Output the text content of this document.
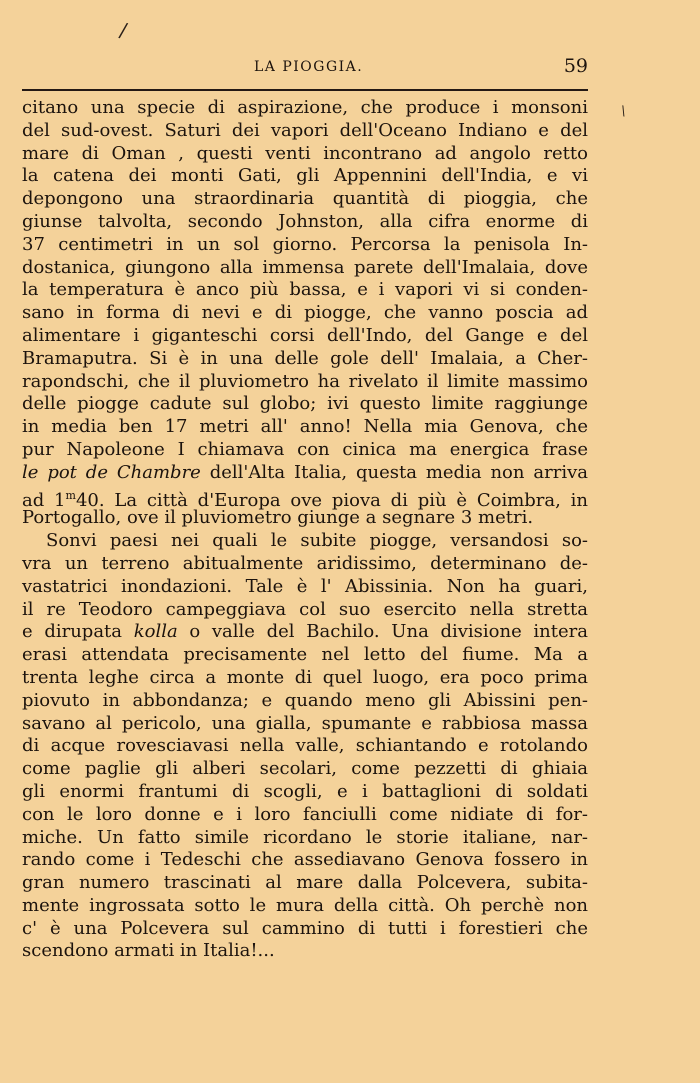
/
\
LA PIOGGIA.	59
citano una specie di aspirazione, che produce i monsoni
del sud-ovest. Saturi dei vapori dell'Oceano Indiano e del
mare di Oman , questi venti incontrano ad angolo retto
la catena dei monti Gati, gli Appennini dell'India, e vi
depongono una straordinaria quantità di pioggia, che
giunse talvolta, secondo Johnston, alla cifra enorme di
37 centimetri in un sol giorno. Percorsa la penisola In-
dostanica, giungono alla immensa parete dell'Imalaia, dove
la temperatura è anco più bassa, e i vapori vi si conden-
sano in forma di nevi e di piogge, che vanno poscia ad
alimentare i giganteschi corsi dell'Indo, del Gange e del
Bramaputra. Si è in una delle gole dell' Imalaia, a Cher-
rapondschi, che il pluviometro ha rivelato il limite massimo
delle piogge cadute sul globo; ivi questo limite raggiunge
in media ben 17 metri all' anno! Nella mia Genova, che
pur Napoleone I chiamava con cinica ma energica frase
le pot de Chambre dell'Alta Italia, questa media non arriva
ad 1$^m$40. La città d'Europa ove piova di più è Coimbra, in
Portogallo, ove il pluviometro giunge a segnare 3 metri.
Sonvi paesi nei quali le subite piogge, versandosi so-
vra un terreno abitualmente aridissimo, determinano de-
vastatrici inondazioni. Tale è l' Abissinia. Non ha guari,
il re Teodoro campeggiava col suo esercito nella stretta
e dirupata kolla o valle del Bachilo. Una divisione intera
erasi attendata precisamente nel letto del fiume. Ma a
trenta leghe circa a monte di quel luogo, era poco prima
piovuto in abbondanza; e quando meno gli Abissini pen-
savano al pericolo, una gialla, spumante e rabbiosa massa
di acque rovesciavasi nella valle, schiantando e rotolando
come paglie gli alberi secolari, come pezzetti di ghiaia
gli enormi frantumi di scogli, e i battaglioni di soldati
con le loro donne e i loro fanciulli come nidiate di for-
miche. Un fatto simile ricordano le storie italiane, nar-
rando come i Tedeschi che assediavano Genova fossero in
gran numero trascinati al mare dalla Polcevera, subita-
mente ingrossata sotto le mura della città. Oh perchè non
c' è una Polcevera sul cammino di tutti i forestieri che
scendono armati in Italia!...
